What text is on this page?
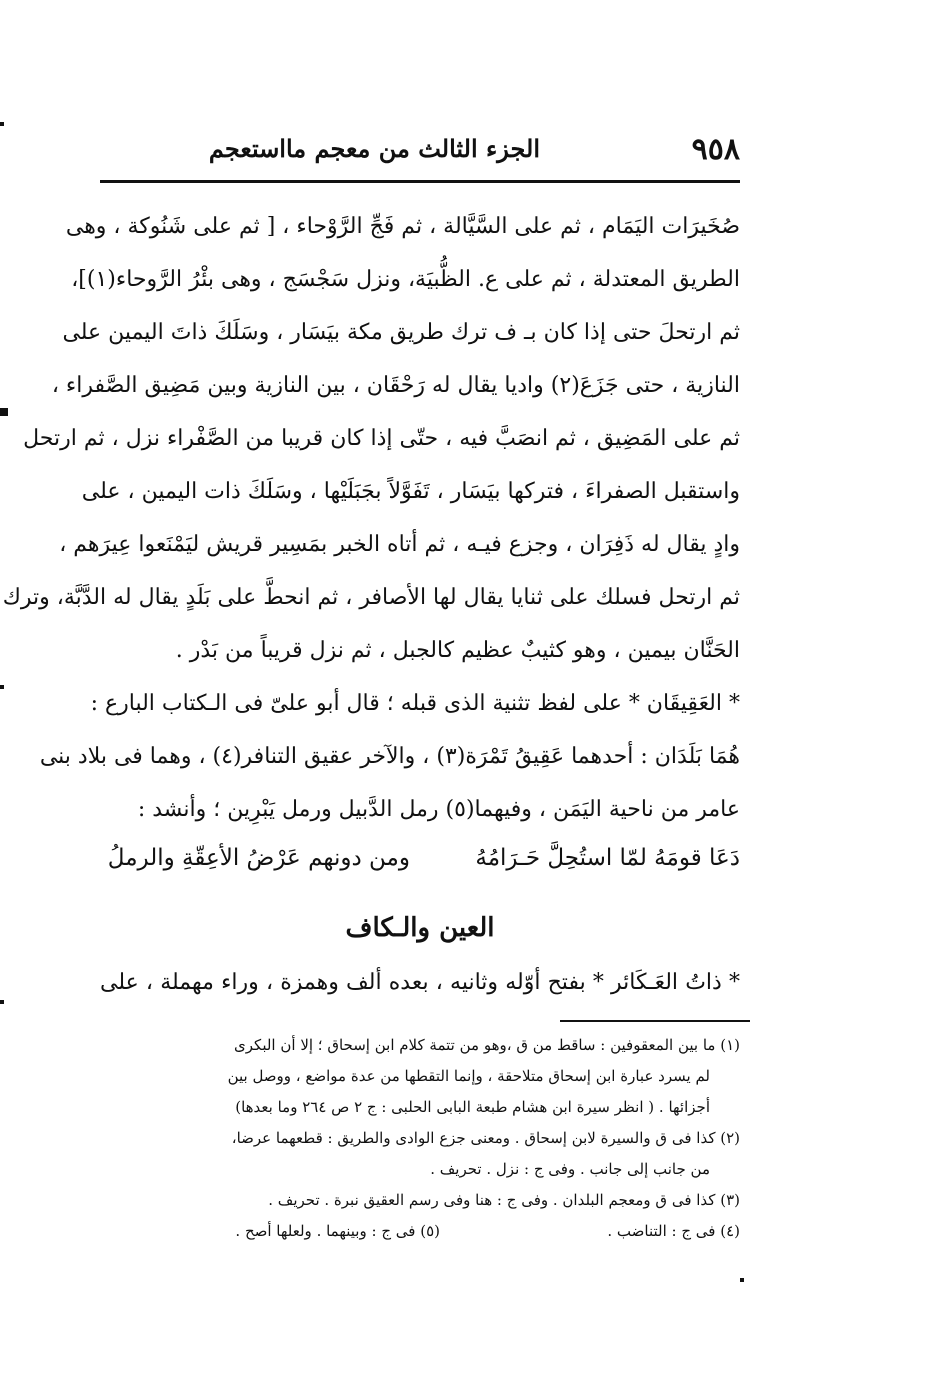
٩٥٨
الجزء الثالث من معجم مااستعجم
صُخَيرَات اليَمَام ، ثم على السَّيَّالة ، ثم فَجِّ الرَّوْحاء ، [ ثم على شَنُوكة ، وهى
الطريق المعتدلة ، ثم على ع. الظُّبيَة، ونزل سَجْسَج ، وهى بئْرُ الرَّوحاء(١)]،
ثم ارتحلَ حتى إذا كان بـ ف ترك طريق مكة بيَسَار ، وسَلَكَ ذاتَ اليمين على
النازية ، حتى جَزَعَ(٢) واديا يقال له رَحْقَان ، بين النازية وبين مَضِيق الصَّفراء ،
ثم على المَضِيق ، ثم انصَبَّ فيه ، حتّى إذا كان قريبا من الصَّفْراء نزل ، ثم ارتحل
واستقبل الصفراءَ ، فتركها بيَسَار ، تَفَوَّلاً بجَبَلَيْها ، وسَلَكَ ذات اليمين ، على
وادٍ يقال له ذَفِرَان ، وجزع فيـه ، ثم أتاه الخبر بمَسِير قريش ليَمْنَعوا عِيرَهم ،
ثم ارتحل فسلك على ثنايا يقال لها الأصافر ، ثم انحطَّ على بَلَدٍ يقال له الدَّبَّة، وترك
الحَنَّان بيمين ، وهو كثيبٌ عظيم كالجبل ، ثم نزل قريباً من بَدْر .
* العَقِيقَان * على لفظ تثنية الذى قبله ؛ قال أبو علىّ فى الـكتاب البارع :
هُمَا بَلَدَان : أحدهما عَقِيقُ تَمْرَة(٣) ، والآخر عقيق التنافر(٤) ، وهما فى بلاد بنى
عامر من ناحية اليَمَن ، وفيهما(٥) رمل الدَّبيل ورمل يَبْرِين ؛ وأنشد :
دَعَا قومَهُ لمّا استُحِلَّ حَـرَامُهُ
ومن دونهم عَرْضُ الأعِقّةِ والرملُ
العين والـكاف
* ذاتُ العَـكَائر * بفتح أوّله وثانيه ، بعده ألف وهمزة ، وراء مهملة ، على
(١) ما بين المعقوفين : ساقط من ق ،وهو من تتمة كلام ابن إسحاق ؛ إلا أن البكرى
لم يسرد عبارة ابن إسحاق متلاحقة ، وإنما التقطها من عدة مواضع ، ووصل بين
أجزائها . ( انظر سيرة ابن هشام طبعة البابى الحلبى : ج ٢ ص ٢٦٤ وما بعدها)
(٢) كذا فى ق والسيرة لابن إسحاق . ومعنى جزع الوادى والطريق : قطعهما عرضا،
من جانب إلى جانب . وفى ج : نزل . تحريف .
(٣) كذا فى ق ومعجم البلدان . وفى ج : هنا وفى رسم العقيق نبرة . تحريف .
(٤) فى ج : التناضب .
(٥) فى ج : وبينهما . ولعلها أصح .
